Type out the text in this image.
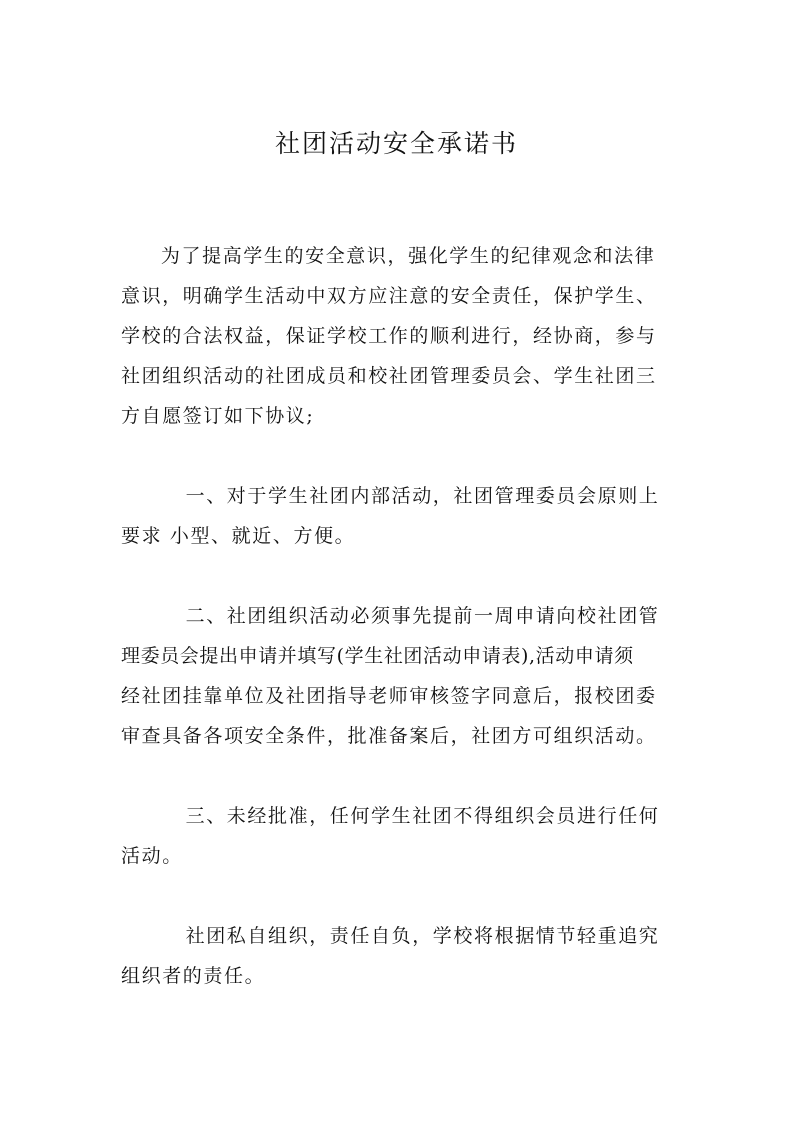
社团活动安全承诺书

为了提高学生的安全意识，强化学生的纪律观念和法律
意识，明确学生活动中双方应注意的安全责任，保护学生、
学校的合法权益，保证学校工作的顺利进行，经协商，参与
社团组织活动的社团成员和校社团管理委员会、学生社团三
方自愿签订如下协议;

一、对于学生社团内部活动，社团管理委员会原则上
要求 小型、就近、方便。

二、社团组织活动必须事先提前一周申请向校社团管
理委员会提出申请并填写(学生社团活动申请表),活动申请须
经社团挂靠单位及社团指导老师审核签字同意后，报校团委
审查具备各项安全条件，批准备案后，社团方可组织活动。

三、未经批准，任何学生社团不得组织会员进行任何
活动。

社团私自组织，责任自负，学校将根据情节轻重追究
组织者的责任。
